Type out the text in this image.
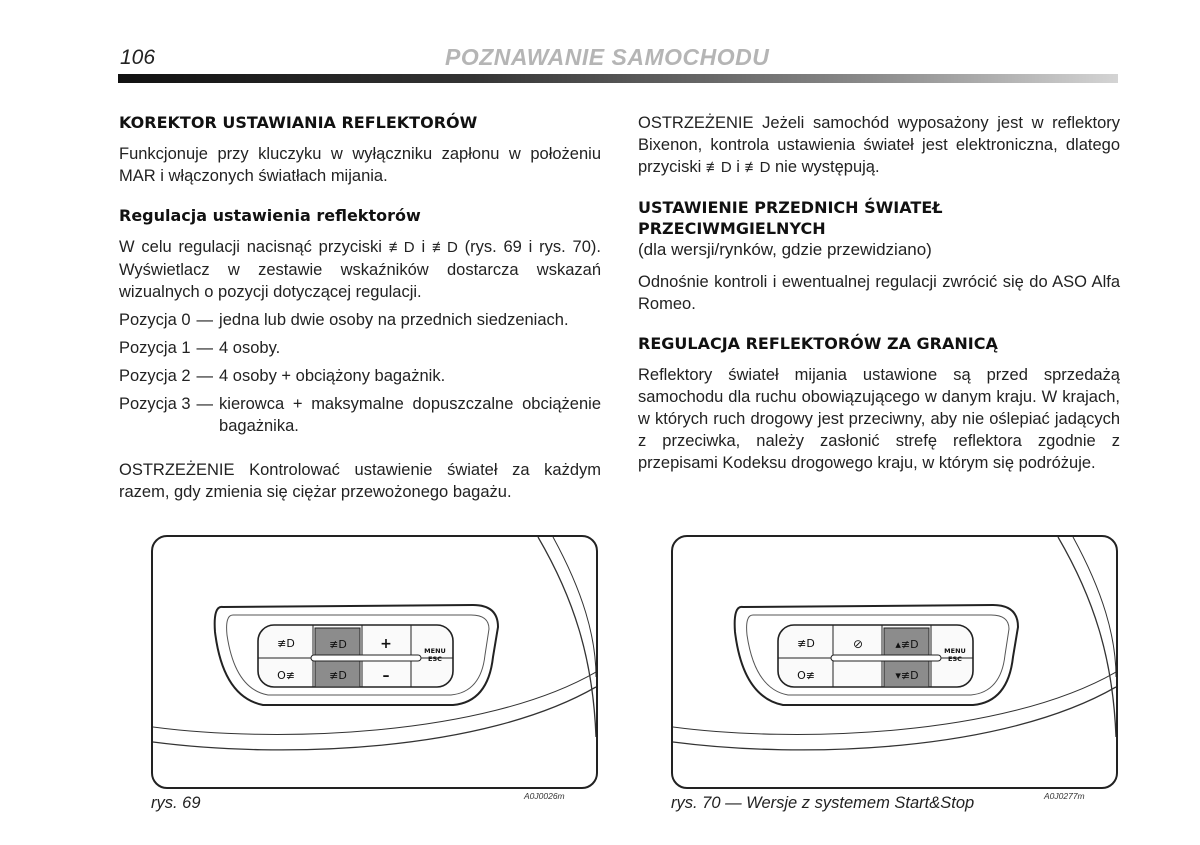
106	POZNAWANIE SAMOCHODU
KOREKTOR USTAWIANIA REFLEKTORÓW

Funkcjonuje przy kluczyku w wyłączniku zapłonu w położeniu MAR i włączonych światłach mijania.

Regulacja ustawienia reflektorów

W celu regulacji nacisnąć przyciski ≢D i ≢D (rys. 69 i rys. 70). Wyświetlacz w zestawie wskaźników dostarcza wskazań wizualnych o pozycji dotyczącej regulacji.

Pozycja 0 — jedna lub dwie osoby na przednich siedzeniach.
Pozycja 1 — 4 osoby.
Pozycja 2 — 4 osoby + obciążony bagażnik.
Pozycja 3 — kierowca + maksymalne dopuszczalne obciążenie bagażnika.

OSTRZEŻENIE Kontrolować ustawienie świateł za każdym razem, gdy zmienia się ciężar przewożonego bagażu.

OSTRZEŻENIE Jeżeli samochód wyposażony jest w reflektory Bixenon, kontrola ustawienia świateł jest elektroniczna, dlatego przyciski ≢D i ≢D nie występują.

USTAWIENIE PRZEDNICH ŚWIATEŁ
PRZECIWMGIELNYCH

(dla wersji/rynków, gdzie przewidziano)

Odnośnie kontroli i ewentualnej regulacji zwrócić się do ASO Alfa Romeo.

REGULACJA REFLEKTORÓW ZA GRANICĄ

Reflektory świateł mijania ustawione są przed sprzedażą samochodu dla ruchu obowiązującego w danym kraju. W krajach, w których ruch drogowy jest przeciwny, aby nie oślepiać jadących z przeciwka, należy zasłonić strefę reflektora zgodnie z przepisami Kodeksu drogowego kraju, w którym się podróżuje.

≢D
O≢
≢D
≢D
+
–
MENU
ESC
rys. 69	A0J0026m
≢D
O≢
⊘	▴≢D
▾≢D
MENU
ESC
rys. 70 — Wersje z systemem Start&Stop	A0J0277m
